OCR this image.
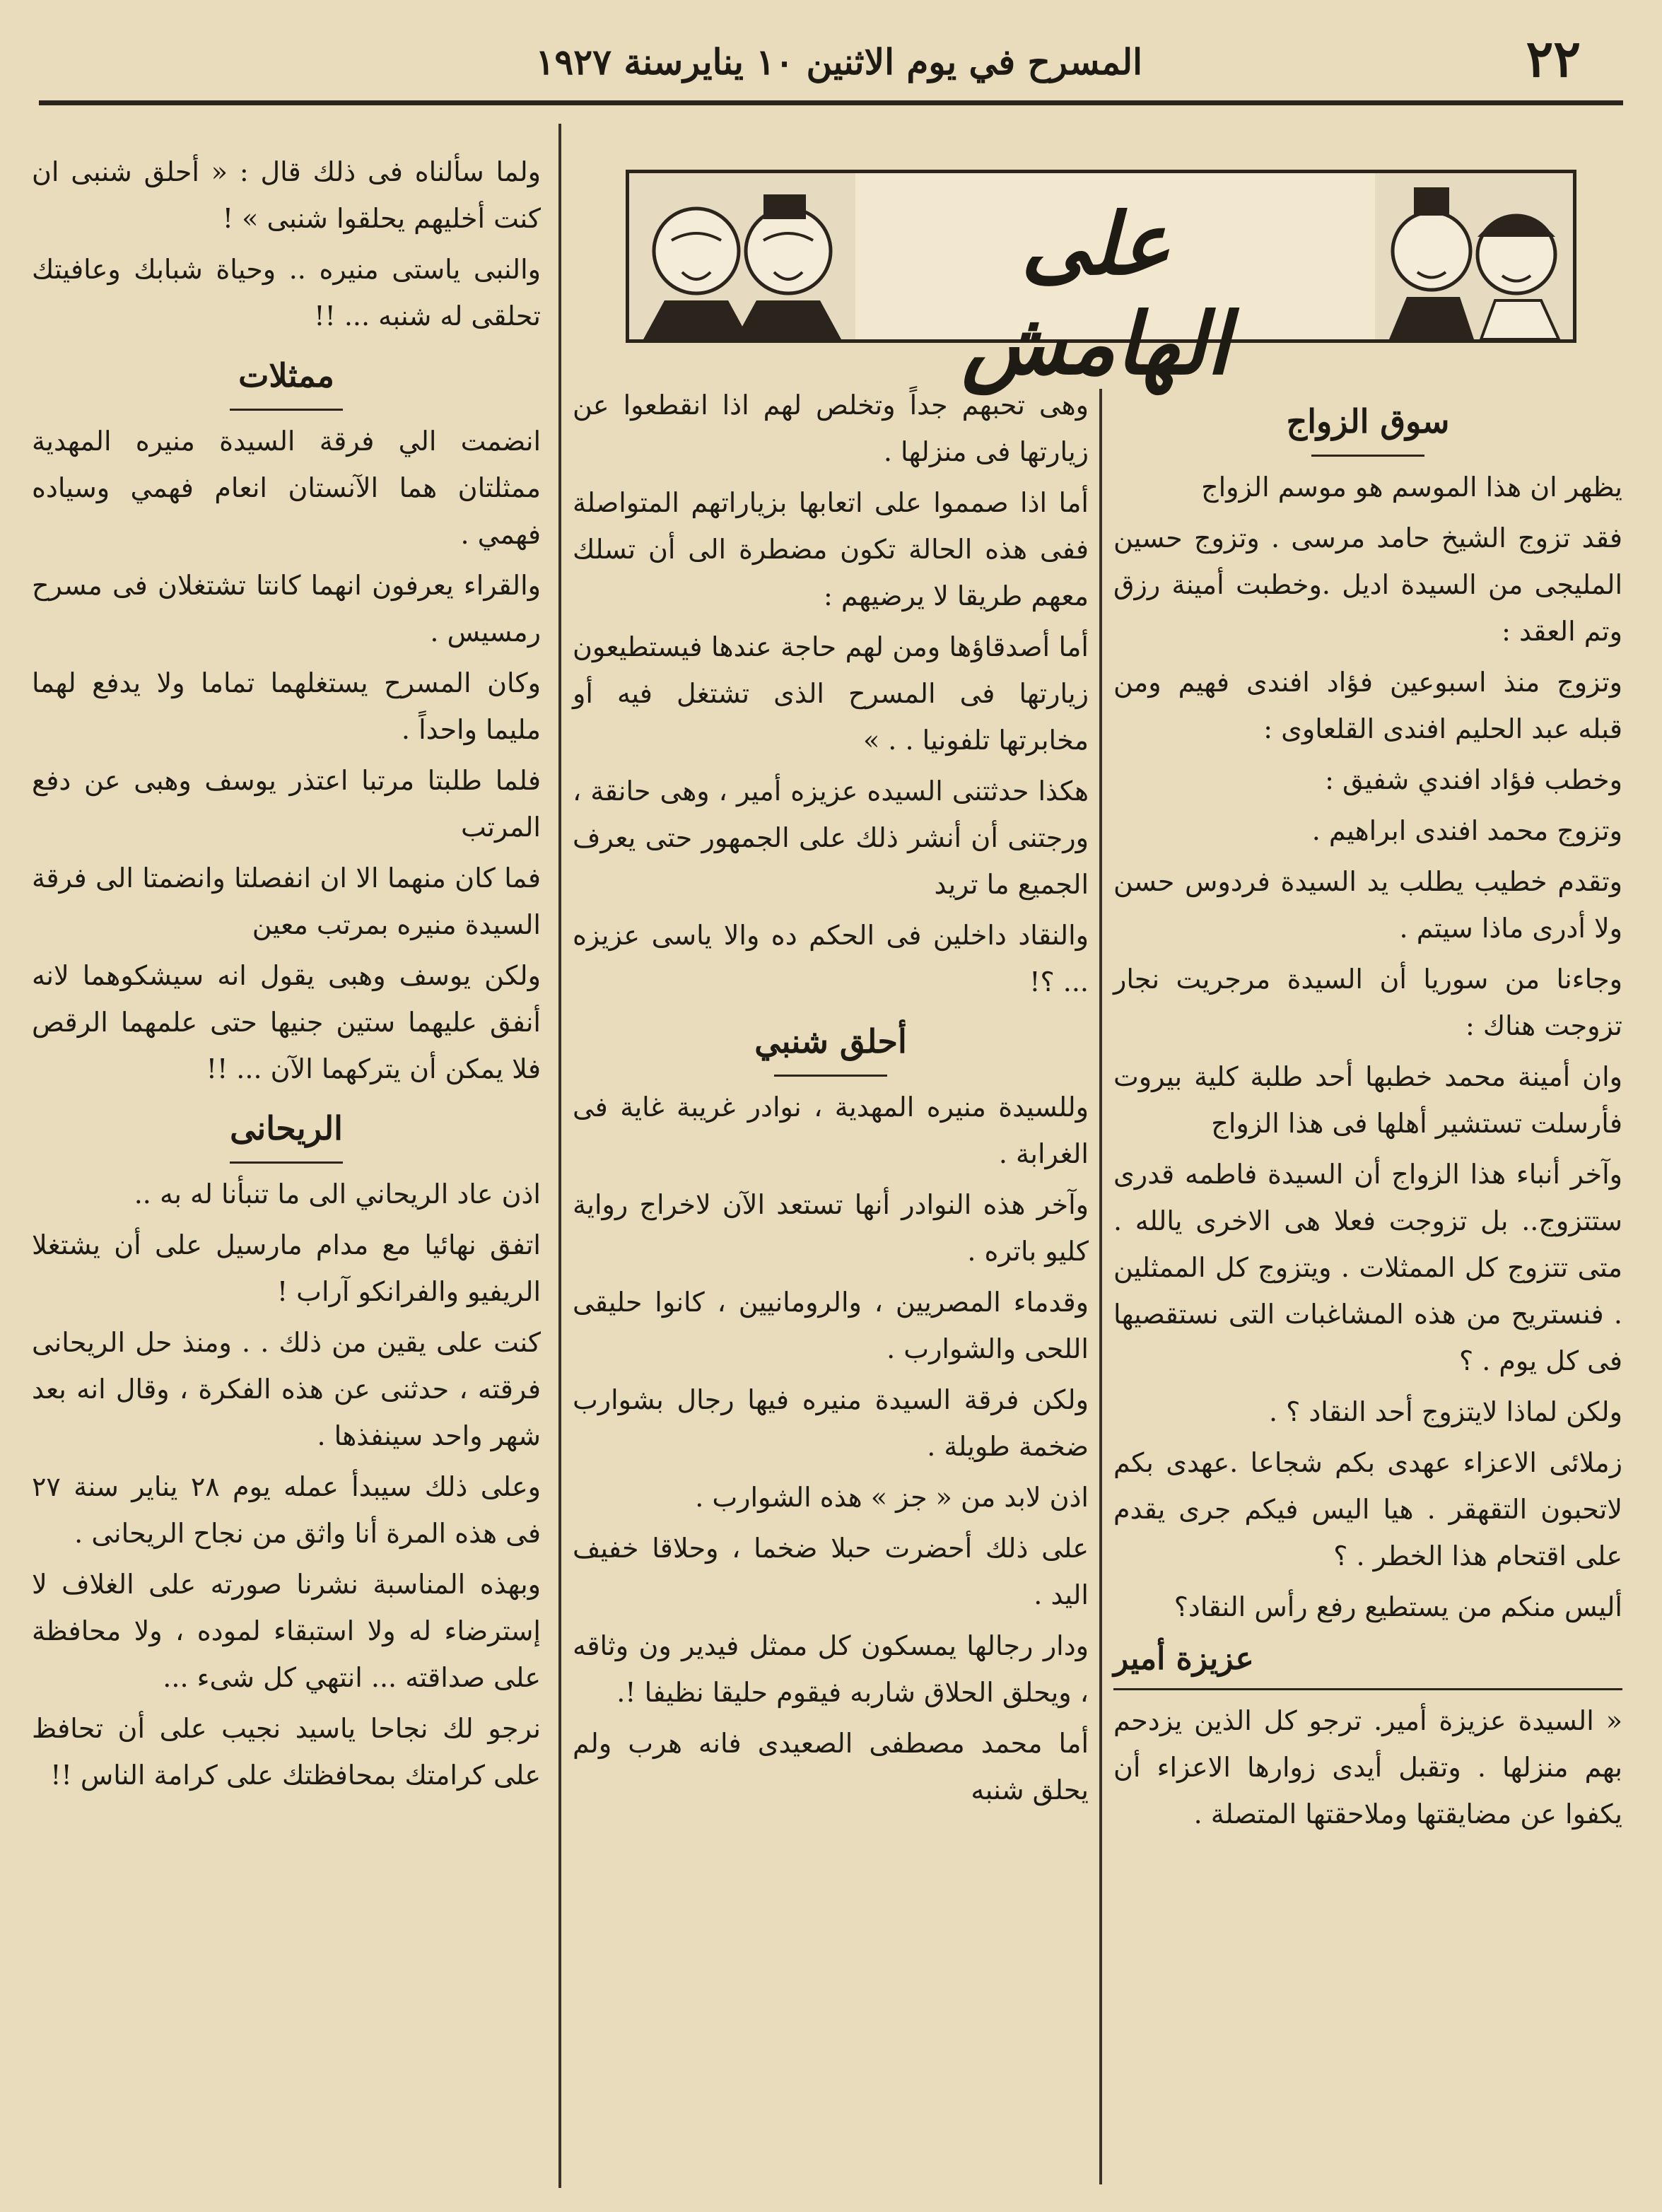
٢٢
المسرح في يوم الاثنين ١٠ ينايرسنة ١٩٢٧
على الهامش
سوق الزواج

يظهر ان هذا الموسم هو موسم الزواج

فقد تزوج الشيخ حامد مرسى . وتزوج حسين المليجى من السيدة اديل .وخطبت أمينة رزق وتم العقد :

وتزوج منذ اسبوعين فؤاد افندى فهيم ومن قبله عبد الحليم افندى القلعاوى :

وخطب فؤاد افندي شفيق :

وتزوج محمد افندى ابراهيم .

وتقدم خطيب يطلب يد السيدة فردوس حسن ولا أدرى ماذا سيتم .

وجاءنا من سوريا أن السيدة مرجريت نجار تزوجت هناك :

وان أمينة محمد خطبها أحد طلبة كلية بيروت فأرسلت تستشير أهلها فى هذا الزواج

وآخر أنباء هذا الزواج أن السيدة فاطمه قدرى ستتزوج.. بل تزوجت فعلا هى الاخرى يالله . متى تتزوج كل الممثلات . ويتزوج كل الممثلين . فنستريح من هذه المشاغبات التى نستقصيها فى كل يوم . ؟

ولكن لماذا لايتزوج أحد النقاد ؟ .

زملائى الاعزاء عهدى بكم شجاعا .عهدى بكم لاتحبون التقهقر . هيا اليس فيكم جرى يقدم على اقتحام هذا الخطر . ؟

أليس منكم من يستطيع رفع رأس النقاد؟

عزيزة أمير

« السيدة عزيزة أمير. ترجو كل الذين يزدحم بهم منزلها . وتقبل أيدى زوارها الاعزاء أن يكفوا عن مضايقتها وملاحقتها المتصلة .

وهى تحبهم جداً وتخلص لهم اذا انقطعوا عن زيارتها فى منزلها .

أما اذا صمموا على اتعابها بزياراتهم المتواصلة ففى هذه الحالة تكون مضطرة الى أن تسلك معهم طريقا لا يرضيهم :

أما أصدقاؤها ومن لهم حاجة عندها فيستطيعون زيارتها فى المسرح الذى تشتغل فيه أو مخابرتها تلفونيا . . »

هكذا حدثتنى السيده عزيزه أمير ، وهى حانقة ، ورجتنى أن أنشر ذلك على الجمهور حتى يعرف الجميع ما تريد

والنقاد داخلين فى الحكم ده والا ياسى عزيزه ... ؟!

أحلق شنبي

وللسيدة منيره المهدية ، نوادر غريبة غاية فى الغرابة .

وآخر هذه النوادر أنها تستعد الآن لاخراج رواية كليو باتره .

وقدماء المصريين ، والرومانيين ، كانوا حليقى اللحى والشوارب .

ولكن فرقة السيدة منيره فيها رجال بشوارب ضخمة طويلة .

اذن لابد من « جز » هذه الشوارب .

على ذلك أحضرت حبلا ضخما ، وحلاقا خفيف اليد .

ودار رجالها يمسكون كل ممثل فيدير ون وثاقه ، ويحلق الحلاق شاربه فيقوم حليقا نظيفا !.

أما محمد مصطفى الصعيدى فانه هرب ولم يحلق شنبه

ولما سألناه فى ذلك قال : « أحلق شنبى ان كنت أخليهم يحلقوا شنبى » !

والنبى ياستى منيره .. وحياة شبابك وعافيتك تحلقى له شنبه ... !!

ممثلات

انضمت الي فرقة السيدة منيره المهدية ممثلتان هما الآنستان انعام فهمي وسياده فهمي .

والقراء يعرفون انهما كانتا تشتغلان فى مسرح رمسيس .

وكان المسرح يستغلهما تماما ولا يدفع لهما مليما واحداً .

فلما طلبتا مرتبا اعتذر يوسف وهبى عن دفع المرتب

فما كان منهما الا ان انفصلتا وانضمتا الى فرقة السيدة منيره بمرتب معين

ولكن يوسف وهبى يقول انه سيشكوهما لانه أنفق عليهما ستين جنيها حتى علمهما الرقص فلا يمكن أن يتركهما الآن ... !!

الريحانى

اذن عاد الريحاني الى ما تنبأنا له به ..

اتفق نهائيا مع مدام مارسيل على أن يشتغلا الريفيو والفرانكو آراب !

كنت على يقين من ذلك . . ومنذ حل الريحانى فرقته ، حدثنى عن هذه الفكرة ، وقال انه بعد شهر واحد سينفذها .

وعلى ذلك سيبدأ عمله يوم ٢٨ يناير سنة ٢٧ فى هذه المرة أنا واثق من نجاح الريحانى .

وبهذه المناسبة نشرنا صورته على الغلاف لا إسترضاء له ولا استبقاء لموده ، ولا محافظة على صداقته ... انتهي كل شىء ...

نرجو لك نجاحا ياسيد نجيب على أن تحافظ على كرامتك بمحافظتك على كرامة الناس !!
